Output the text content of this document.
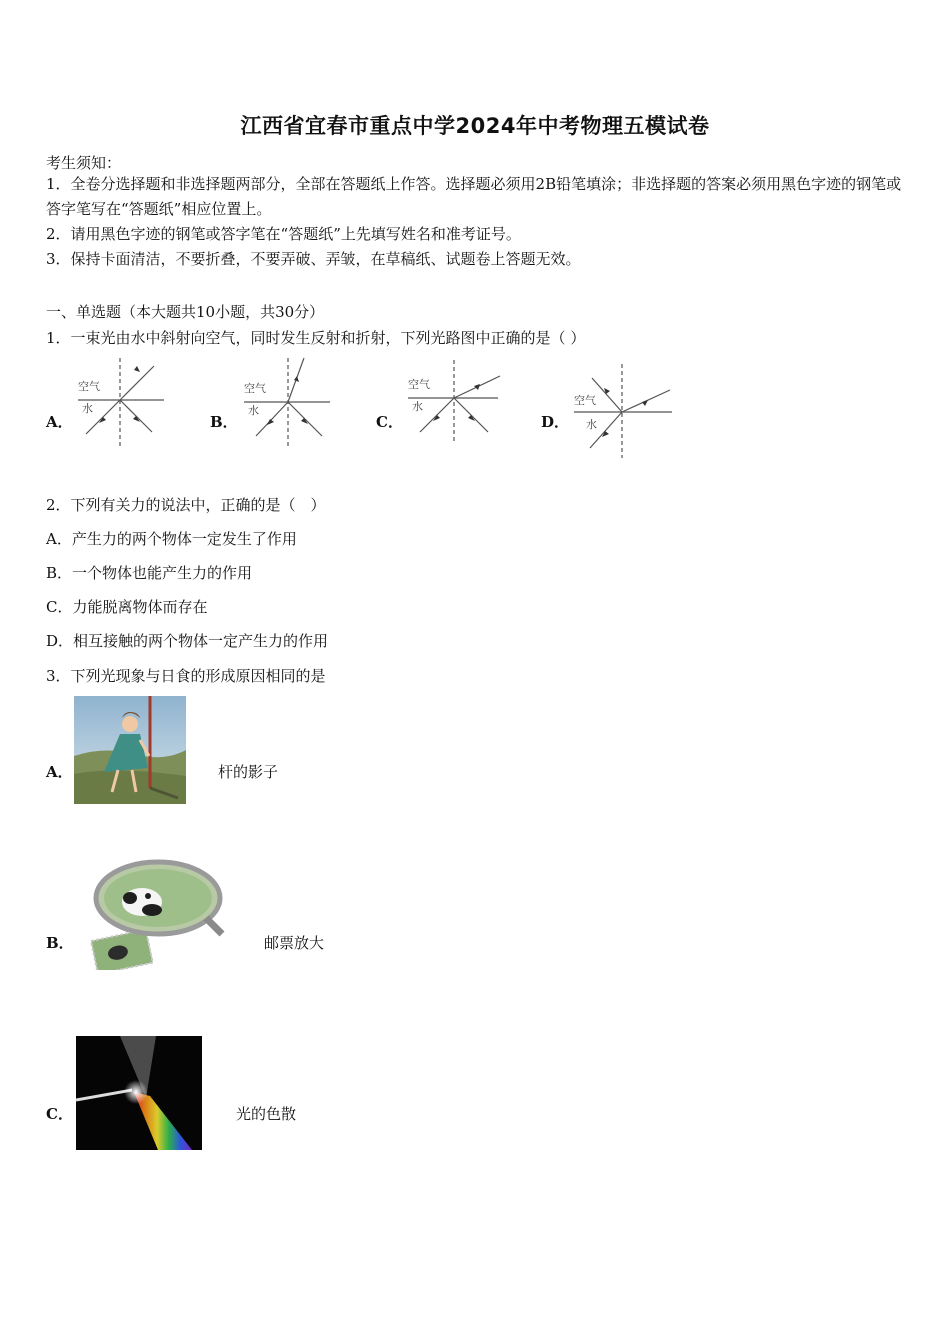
江西省宜春市重点中学2024年中考物理五模试卷
考生须知：
1．全卷分选择题和非选择题两部分，全部在答题纸上作答。选择题必须用2B铅笔填涂；非选择题的答案必须用黑色字迹的钢笔或答字笔写在“答题纸”相应位置上。
2．请用黑色字迹的钢笔或答字笔在“答题纸”上先填写姓名和准考证号。
3．保持卡面清洁，不要折叠，不要弄破、弄皱，在草稿纸、试题卷上答题无效。
一、单选题（本大题共10小题，共30分）
1．一束光由水中斜射向空气，同时发生反射和折射，下列光路图中正确的是（ ）
A．
空气
水
B．
空气
水
C．
空气
水
D．
空气
水
2．下列有关力的说法中，正确的是（　）
A．产生力的两个物体一定发生了作用
B．一个物体也能产生力的作用
C．力能脱离物体而存在
D．相互接触的两个物体一定产生力的作用
3．下列光现象与日食的形成原因相同的是
A．	杆的影子
B．	邮票放大
C．	光的色散
